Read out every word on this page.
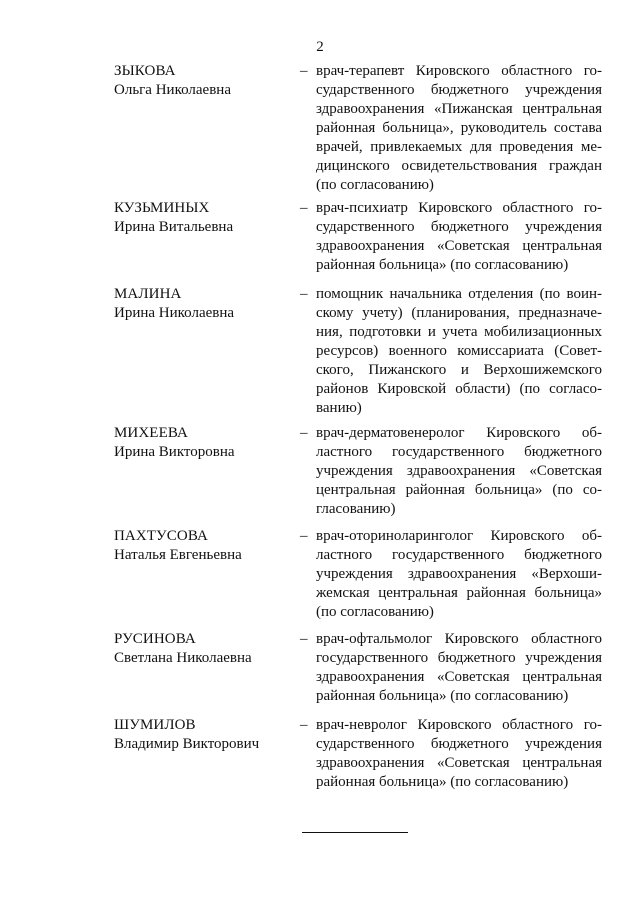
2
ЗЫКОВА
Ольга Николаевна
– врач-терапевт Кировского областного го-
сударственного бюджетного учреждения
здравоохранения «Пижанская центральная
районная больница», руководитель состава
врачей, привлекаемых для проведения ме-
дицинского освидетельствования граждан
(по согласованию)
КУЗЬМИНЫХ
Ирина Витальевна
– врач-психиатр Кировского областного го-
сударственного бюджетного учреждения
здравоохранения «Советская центральная
районная больница» (по согласованию)
МАЛИНА
Ирина Николаевна
– помощник начальника отделения (по воин-
скому учету) (планирования, предназначе-
ния, подготовки и учета мобилизационных
ресурсов) военного комиссариата (Совет-
ского, Пижанского и Верхошижемского
районов Кировской области) (по согласо-
ванию)
МИХЕЕВА
Ирина Викторовна
– врач-дерматовенеролог Кировского об-
ластного государственного бюджетного
учреждения здравоохранения «Советская
центральная районная больница» (по со-
гласованию)
ПАХТУСОВА
Наталья Евгеньевна
– врач-оториноларинголог Кировского об-
ластного государственного бюджетного
учреждения здравоохранения «Верхоши-
жемская центральная районная больница»
(по согласованию)
РУСИНОВА
Светлана Николаевна
– врач-офтальмолог Кировского областного
государственного бюджетного учреждения
здравоохранения «Советская центральная
районная больница» (по согласованию)
ШУМИЛОВ
Владимир Викторович
– врач-невролог Кировского областного го-
сударственного бюджетного учреждения
здравоохранения «Советская центральная
районная больница» (по согласованию)
